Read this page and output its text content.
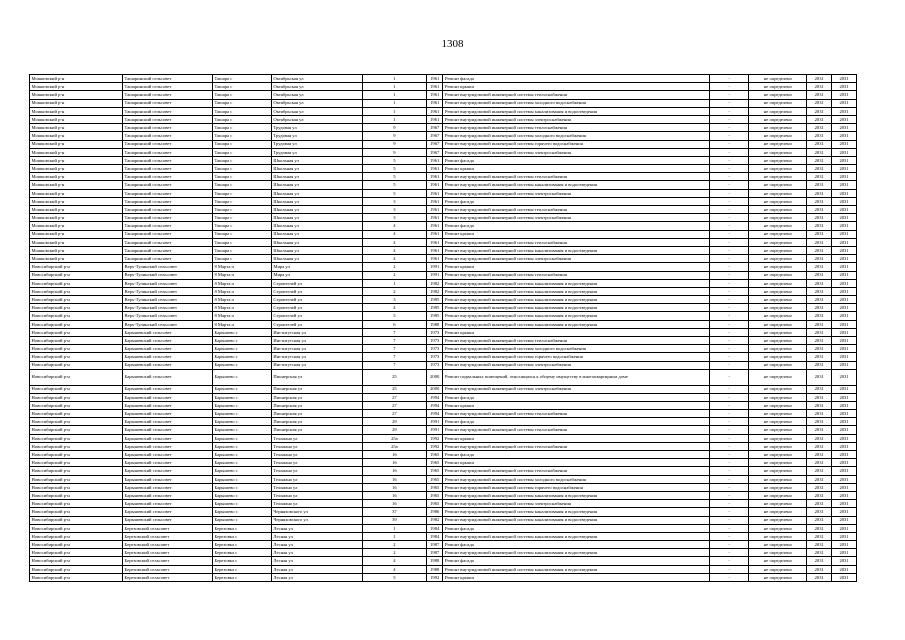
1308
Мошковский р-н	Ташаринский сельсовет	Ташара с	Октябрьская ул	1	1961	Ремонт фасада	-	не определено	2031	2031
Мошковский р-н	Ташаринский сельсовет	Ташара с	Октябрьская ул	1	1961	Ремонт крыши	-	не определено	2031	2031
Мошковский р-н	Ташаринский сельсовет	Ташара с	Октябрьская ул	1	1961	Ремонт внутридомовой инженерной системы теплоснабжения	-	не определено	2031	2031
Мошковский р-н	Ташаринский сельсовет	Ташара с	Октябрьская ул	1	1961	Ремонт внутридомовой инженерной системы холодного водоснабжения	-	не определено	2031	2031
Мошковский р-н	Ташаринский сельсовет	Ташара с	Октябрьская ул	1	1961	Ремонт внутридомовой инженерной системы канализования и водоотведения	-	не определено	2031	2031
Мошковский р-н	Ташаринский сельсовет	Ташара с	Октябрьская ул	1	1961	Ремонт внутридомовой инженерной системы электроснабжения	-	не определено	2031	2031
Мошковский р-н	Ташаринский сельсовет	Ташара с	Трудовая ул	9	1967	Ремонт внутридомовой инженерной системы теплоснабжения	-	не определено	2031	2031
Мошковский р-н	Ташаринский сельсовет	Ташара с	Трудовая ул	9	1967	Ремонт внутридомовой инженерной системы холодного водоснабжения	-	не определено	2031	2031
Мошковский р-н	Ташаринский сельсовет	Ташара с	Трудовая ул	9	1967	Ремонт внутридомовой инженерной системы горячего водоснабжения	-	не определено	2031	2031
Мошковский р-н	Ташаринский сельсовет	Ташара с	Трудовая ул	9	1967	Ремонт внутридомовой инженерной системы электроснабжения	-	не определено	2031	2031
Мошковский р-н	Ташаринский сельсовет	Ташара с	Школьная ул	5	1961	Ремонт фасада	-	не определено	2031	2031
Мошковский р-н	Ташаринский сельсовет	Ташара с	Школьная ул	5	1961	Ремонт крыши	-	не определено	2031	2031
Мошковский р-н	Ташаринский сельсовет	Ташара с	Школьная ул	5	1961	Ремонт внутридомовой инженерной системы теплоснабжения	-	не определено	2031	2031
Мошковский р-н	Ташаринский сельсовет	Ташара с	Школьная ул	5	1961	Ремонт внутридомовой инженерной системы канализования и водоотведения	-	не определено	2031	2031
Мошковский р-н	Ташаринский сельсовет	Ташара с	Школьная ул	5	1961	Ремонт внутридомовой инженерной системы электроснабжения	-	не определено	2031	2031
Мошковский р-н	Ташаринский сельсовет	Ташара с	Школьная ул	3	1961	Ремонт фасада	-	не определено	2031	2031
Мошковский р-н	Ташаринский сельсовет	Ташара с	Школьная ул	3	1961	Ремонт внутридомовой инженерной системы теплоснабжения	-	не определено	2031	2031
Мошковский р-н	Ташаринский сельсовет	Ташара с	Школьная ул	3	1961	Ремонт внутридомовой инженерной системы электроснабжения	-	не определено	2031	2031
Мошковский р-н	Ташаринский сельсовет	Ташара с	Школьная ул	4	1961	Ремонт фасада	-	не определено	2031	2031
Мошковский р-н	Ташаринский сельсовет	Ташара с	Школьная ул	4	1961	Ремонт крыши	-	не определено	2031	2031
Мошковский р-н	Ташаринский сельсовет	Ташара с	Школьная ул	4	1961	Ремонт внутридомовой инженерной системы теплоснабжения	-	не определено	2031	2031
Мошковский р-н	Ташаринский сельсовет	Ташара с	Школьная ул	4	1961	Ремонт внутридомовой инженерной системы канализования и водоотведения	-	не определено	2031	2031
Мошковский р-н	Ташаринский сельсовет	Ташара с	Школьная ул	4	1961	Ремонт внутридомовой инженерной системы электроснабжения	-	не определено	2031	2031
Новосибирский р-н	Верх-Тулинский сельсовет	8 Марта п	Мира ул	2	1991	Ремонт крыши	-	не определено	2031	2031
Новосибирский р-н	Верх-Тулинский сельсовет	8 Марта п	Мира ул	2	1991	Ремонт внутридомовой инженерной системы теплоснабжения	-	не определено	2031	2031
Новосибирский р-н	Верх-Тулинский сельсовет	8 Марта п	Строителей ул	1	1982	Ремонт внутридомовой инженерной системы канализования и водоотведения	-	не определено	2031	2031
Новосибирский р-н	Верх-Тулинский сельсовет	8 Марта п	Строителей ул	2	1982	Ремонт внутридомовой инженерной системы канализования и водоотведения	-	не определено	2031	2031
Новосибирский р-н	Верх-Тулинский сельсовет	8 Марта п	Строителей ул	3	1985	Ремонт внутридомовой инженерной системы канализования и водоотведения	-	не определено	2031	2031
Новосибирский р-н	Верх-Тулинский сельсовет	8 Марта п	Строителей ул	4	1985	Ремонт внутридомовой инженерной системы канализования и водоотведения	-	не определено	2031	2031
Новосибирский р-н	Верх-Тулинский сельсовет	8 Марта п	Строителей ул	5	1985	Ремонт внутридомовой инженерной системы канализования и водоотведения	-	не определено	2031	2031
Новосибирский р-н	Верх-Тулинский сельсовет	8 Марта п	Строителей ул	6	1988	Ремонт внутридомовой инженерной системы канализования и водоотведения	-	не определено	2031	2031
Новосибирский р-н	Барышевский сельсовет	Барышево с	Институтская ул	7	1973	Ремонт крыши	-	не определено	2031	2031
Новосибирский р-н	Барышевский сельсовет	Барышево с	Институтская ул	7	1973	Ремонт внутридомовой инженерной системы теплоснабжения	-	не определено	2031	2031
Новосибирский р-н	Барышевский сельсовет	Барышево с	Институтская ул	7	1973	Ремонт внутридомовой инженерной системы холодного водоснабжения	-	не определено	2031	2031
Новосибирский р-н	Барышевский сельсовет	Барышево с	Институтская ул	7	1973	Ремонт внутридомовой инженерной системы горячего водоснабжения	-	не определено	2031	2031
Новосибирский р-н	Барышевский сельсовет	Барышево с	Институтская ул	7	1973	Ремонт внутридомовой инженерной системы электроснабжения	-	не определено	2031	2031
Новосибирский р-н	Барышевский сельсовет	Барышево с	Пионерская ул	25	2000	Ремонт подвальных помещений, относящихся к общему имуществу в многоквартирном доме	-	не определено	2031	2031
Новосибирский р-н	Барышевский сельсовет	Барышево с	Пионерская ул	25	2000	Ремонт внутридомовой инженерной системы электроснабжения	-	не определено	2031	2031
Новосибирский р-н	Барышевский сельсовет	Барышево с	Пионерская ул	27	1994	Ремонт фасада	-	не определено	2031	2031
Новосибирский р-н	Барышевский сельсовет	Барышево с	Пионерская ул	27	1994	Ремонт крыши	-	не определено	2031	2031
Новосибирский р-н	Барышевский сельсовет	Барышево с	Пионерская ул	27	1994	Ремонт внутридомовой инженерной системы теплоснабжения	-	не определено	2031	2031
Новосибирский р-н	Барышевский сельсовет	Барышево с	Пионерская ул	29	1991	Ремонт фасада	-	не определено	2031	2031
Новосибирский р-н	Барышевский сельсовет	Барышево с	Пионерская ул	29	1991	Ремонт внутридомовой инженерной системы теплоснабжения	-	не определено	2031	2031
Новосибирский р-н	Барышевский сельсовет	Барышево с	Тельмана ул	25а	1992	Ремонт крыши	-	не определено	2031	2031
Новосибирский р-н	Барышевский сельсовет	Барышево с	Тельмана ул	25а	1992	Ремонт внутридомовой инженерной системы теплоснабжения	-	не определено	2031	2031
Новосибирский р-н	Барышевский сельсовет	Барышево с	Тельмана ул	16	1965	Ремонт фасада	-	не определено	2031	2031
Новосибирский р-н	Барышевский сельсовет	Барышево с	Тельмана ул	16	1965	Ремонт крыши	-	не определено	2031	2031
Новосибирский р-н	Барышевский сельсовет	Барышево с	Тельмана ул	16	1965	Ремонт внутридомовой инженерной системы теплоснабжения	-	не определено	2031	2031
Новосибирский р-н	Барышевский сельсовет	Барышево с	Тельмана ул	16	1965	Ремонт внутридомовой инженерной системы холодного водоснабжения	-	не определено	2031	2031
Новосибирский р-н	Барышевский сельсовет	Барышево с	Тельмана ул	16	1965	Ремонт внутридомовой инженерной системы горячего водоснабжения	-	не определено	2031	2031
Новосибирский р-н	Барышевский сельсовет	Барышево с	Тельмана ул	16	1965	Ремонт внутридомовой инженерной системы канализования и водоотведения	-	не определено	2031	2031
Новосибирский р-н	Барышевский сельсовет	Барышево с	Тельмана ул	16	1965	Ремонт внутридомовой инженерной системы электроснабжения	-	не определено	2031	2031
Новосибирский р-н	Барышевский сельсовет	Барышево с	Черняховского ул	37	1986	Ремонт внутридомовой инженерной системы канализования и водоотведения	-	не определено	2031	2031
Новосибирский р-н	Барышевский сельсовет	Барышево с	Черняховского ул	39	1982	Ремонт внутридомовой инженерной системы канализования и водоотведения	-	не определено	2031	2031
Новосибирский р-н	Березовский сельсовет	Березовка с	Лесная ул	1	1984	Ремонт фасада	-	не определено	2031	2031
Новосибирский р-н	Березовский сельсовет	Березовка с	Лесная ул	1	1984	Ремонт внутридомовой инженерной системы канализования и водоотведения	-	не определено	2031	2031
Новосибирский р-н	Березовский сельсовет	Березовка с	Лесная ул	2	1987	Ремонт фасада	-	не определено	2031	2031
Новосибирский р-н	Березовский сельсовет	Березовка с	Лесная ул	2	1987	Ремонт внутридомовой инженерной системы канализования и водоотведения	-	не определено	2031	2031
Новосибирский р-н	Березовский сельсовет	Березовка с	Лесная ул	4	1988	Ремонт фасада	-	не определено	2031	2031
Новосибирский р-н	Березовский сельсовет	Березовка с	Лесная ул	4	1988	Ремонт внутридомовой инженерной системы канализования и водоотведения	-	не определено	2031	2031
Новосибирский р-н	Березовский сельсовет	Березовка с	Лесная ул	5	1992	Ремонт крыши	-	не определено	2031	2031
